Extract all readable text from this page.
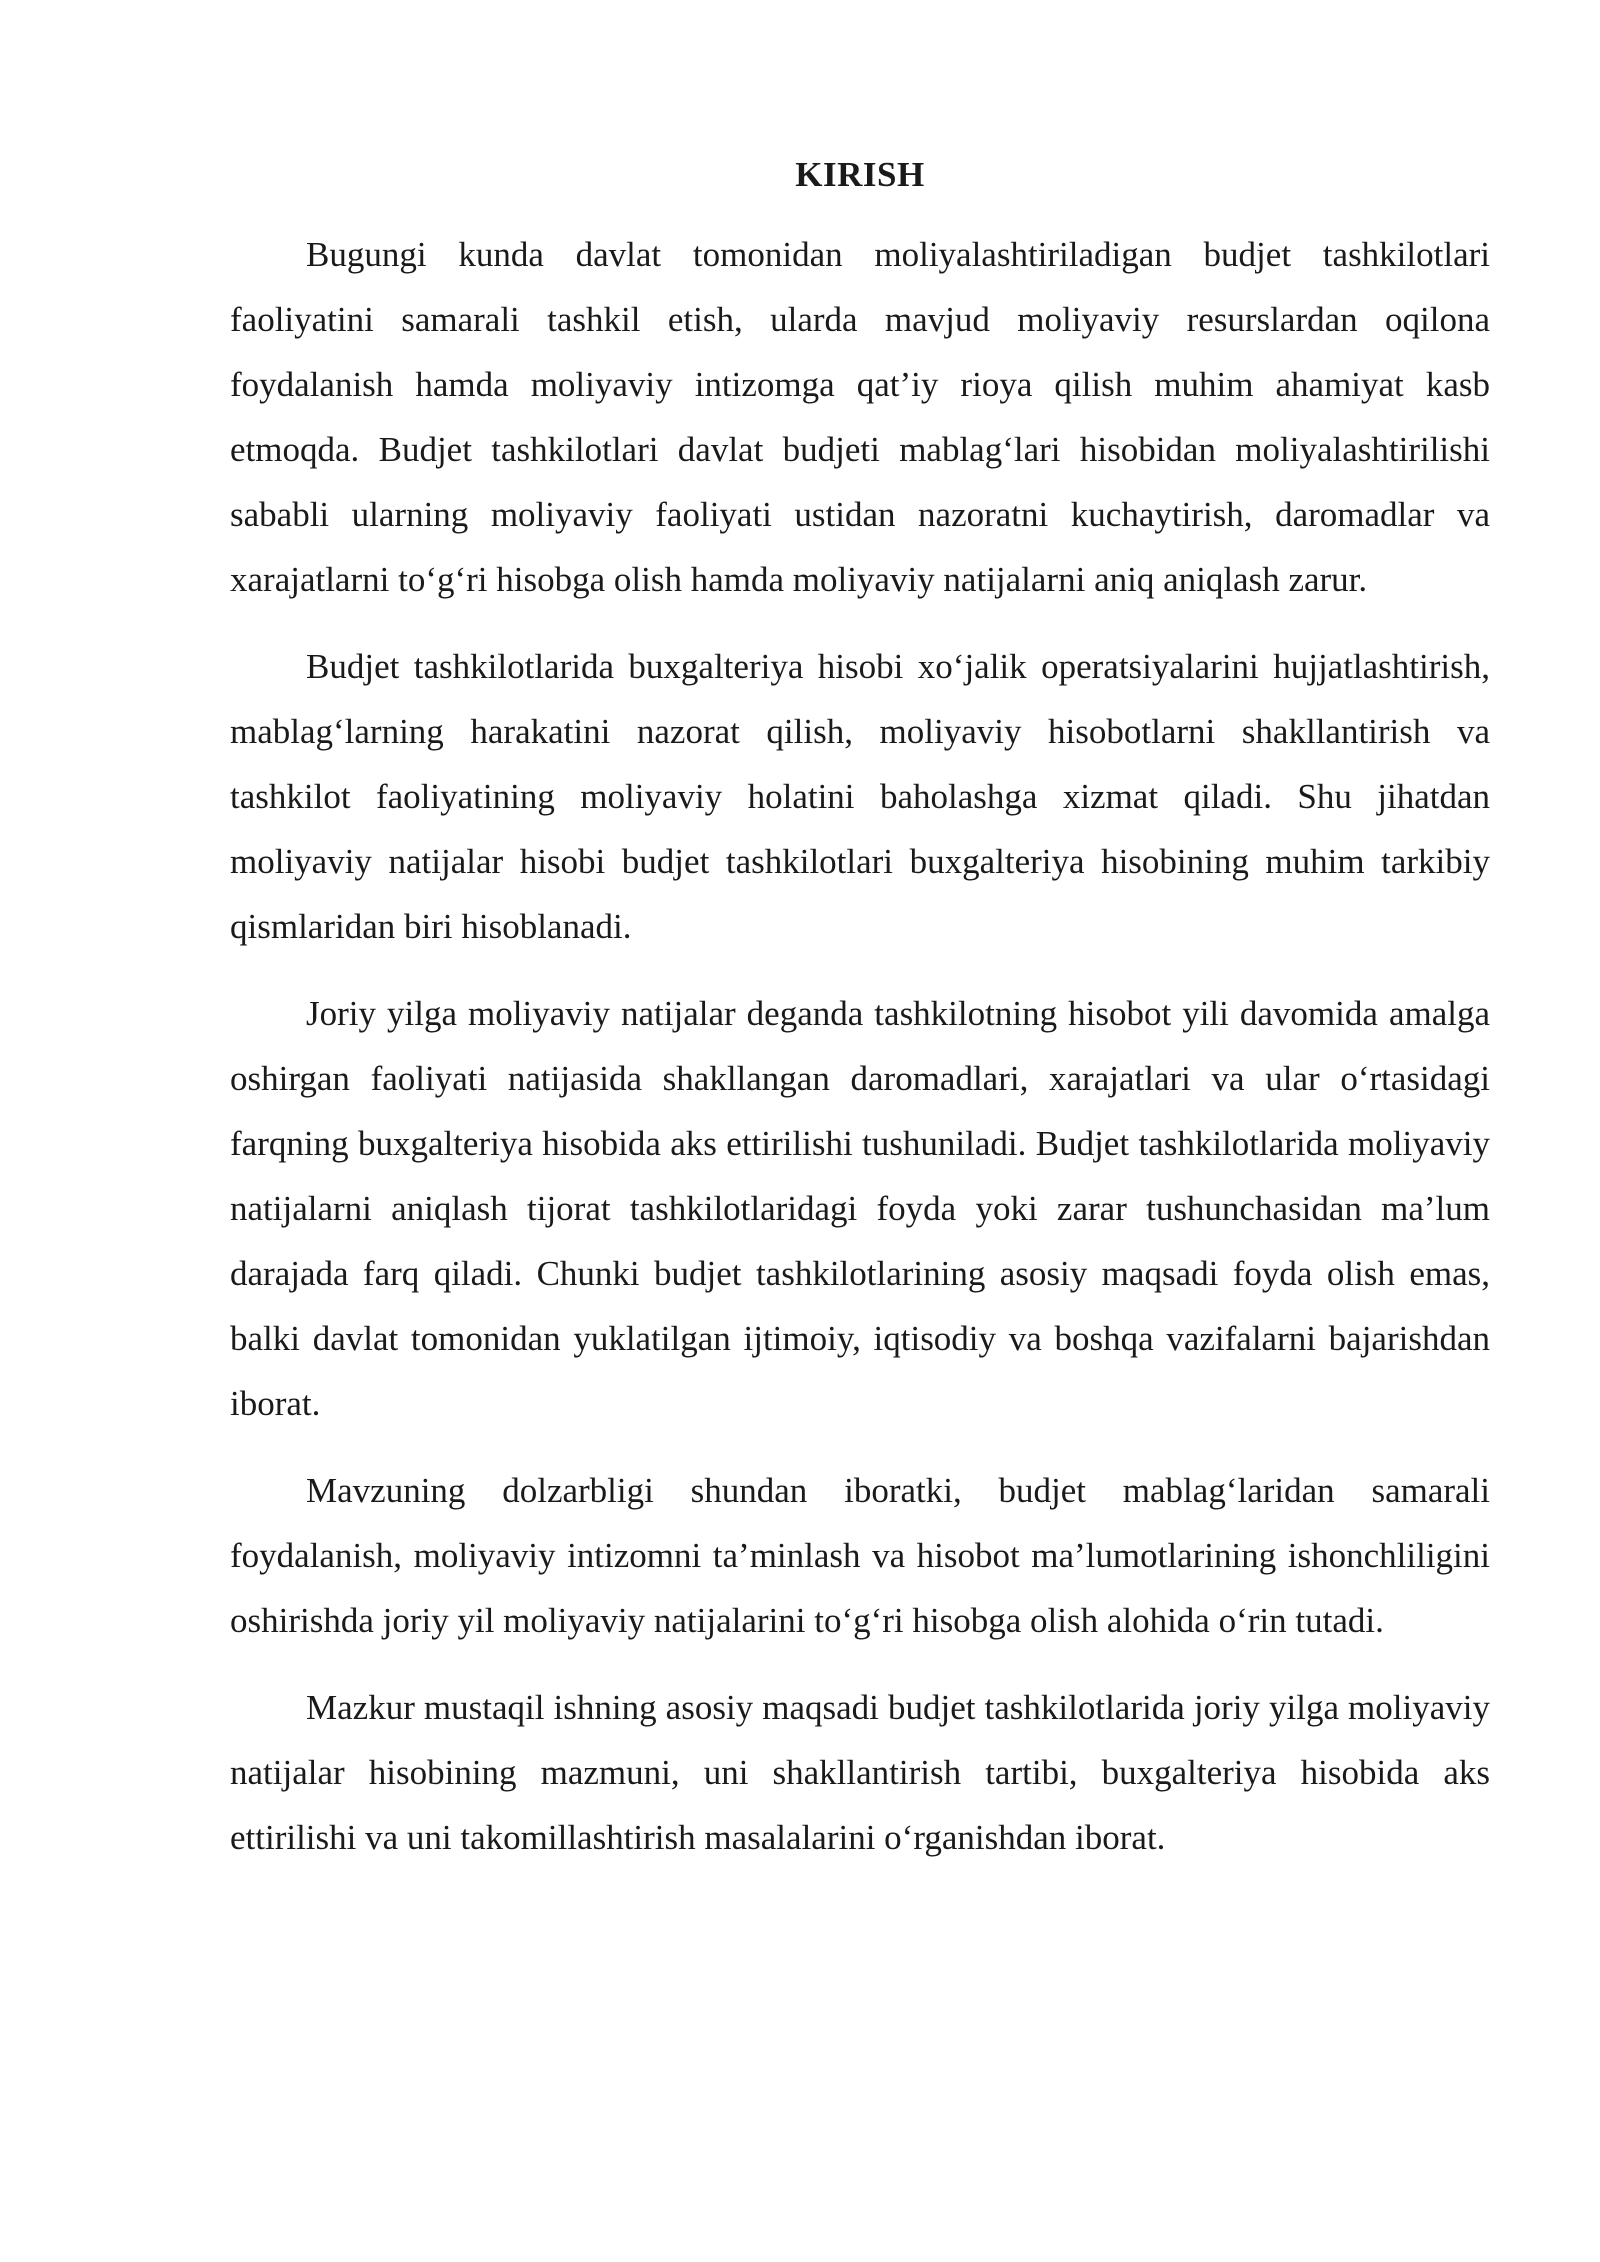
KIRISH

Bugungi kunda davlat tomonidan moliyalashtiriladigan budjet tashkilotlari faoliyatini samarali tashkil etish, ularda mavjud moliyaviy resurslardan oqilona foydalanish hamda moliyaviy intizomga qat’iy rioya qilish muhim ahamiyat kasb etmoqda. Budjet tashkilotlari davlat budjeti mablag‘lari hisobidan moliyalashtirilishi sababli ularning moliyaviy faoliyati ustidan nazoratni kuchaytirish, daromadlar va xarajatlarni to‘g‘ri hisobga olish hamda moliyaviy natijalarni aniq aniqlash zarur.

Budjet tashkilotlarida buxgalteriya hisobi xo‘jalik operatsiyalarini hujjatlashtirish, mablag‘larning harakatini nazorat qilish, moliyaviy hisobotlarni shakllantirish va tashkilot faoliyatining moliyaviy holatini baholashga xizmat qiladi. Shu jihatdan moliyaviy natijalar hisobi budjet tashkilotlari buxgalteriya hisobining muhim tarkibiy qismlaridan biri hisoblanadi.

Joriy yilga moliyaviy natijalar deganda tashkilotning hisobot yili davomida amalga oshirgan faoliyati natijasida shakllangan daromadlari, xarajatlari va ular o‘rtasidagi farqning buxgalteriya hisobida aks ettirilishi tushuniladi. Budjet tashkilotlarida moliyaviy natijalarni aniqlash tijorat tashkilotlaridagi foyda yoki zarar tushunchasidan ma’lum darajada farq qiladi. Chunki budjet tashkilotlarining asosiy maqsadi foyda olish emas, balki davlat tomonidan yuklatilgan ijtimoiy, iqtisodiy va boshqa vazifalarni bajarishdan iborat.

Mavzuning dolzarbligi shundan iboratki, budjet mablag‘laridan samarali foydalanish, moliyaviy intizomni ta’minlash va hisobot ma’lumotlarining ishonchliligini oshirishda joriy yil moliyaviy natijalarini to‘g‘ri hisobga olish alohida o‘rin tutadi.

Mazkur mustaqil ishning asosiy maqsadi budjet tashkilotlarida joriy yilga moliyaviy natijalar hisobining mazmuni, uni shakllantirish tartibi, buxgalteriya hisobida aks ettirilishi va uni takomillashtirish masalalarini o‘rganishdan iborat.
